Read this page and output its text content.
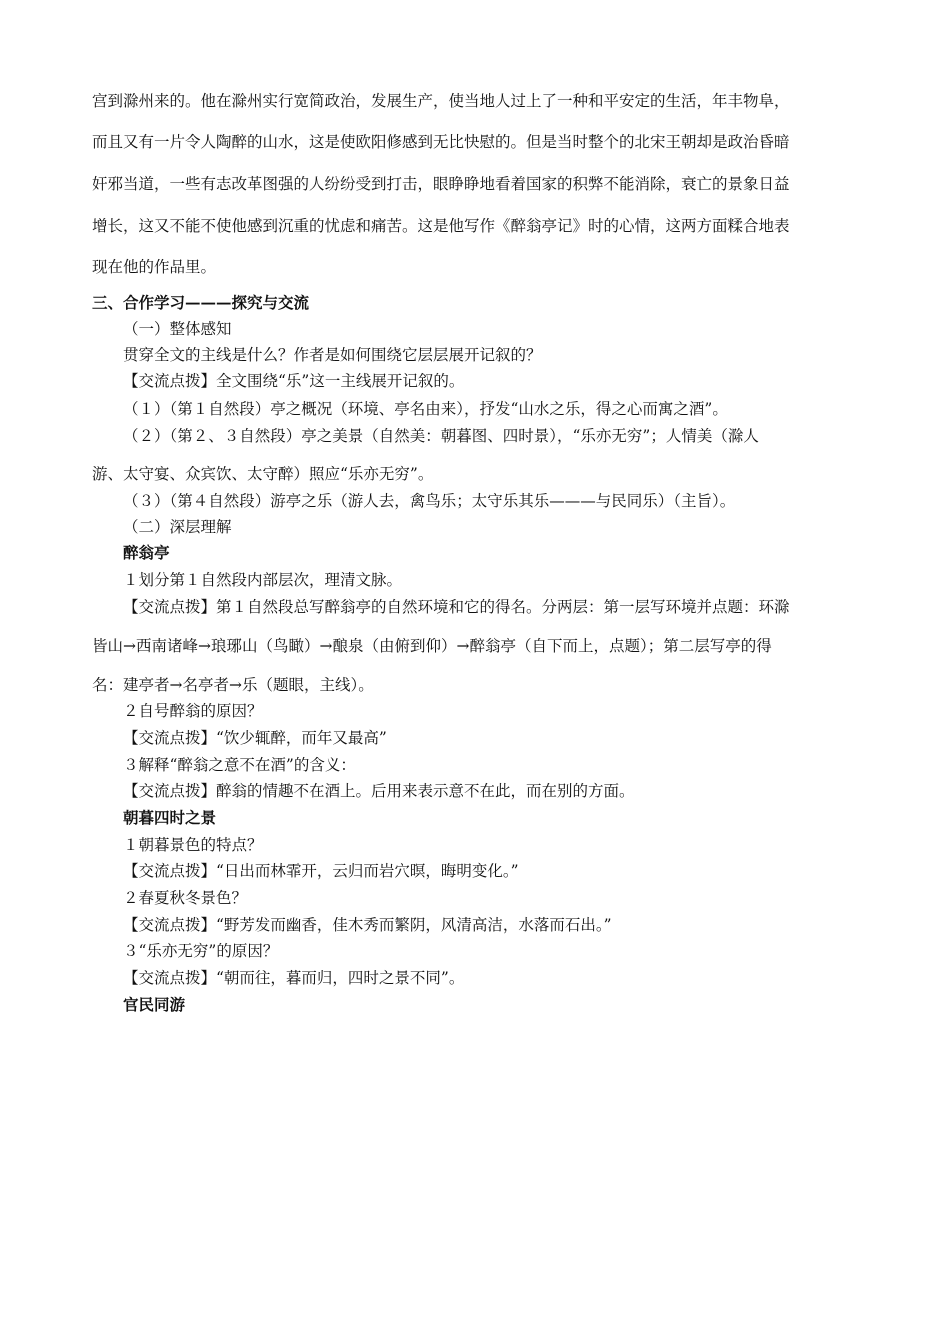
宫到滁州来的。他在滁州实行宽简政治，发展生产，使当地人过上了一种和平安定的生活，年丰物阜，
而且又有一片令人陶醉的山水，这是使欧阳修感到无比快慰的。但是当时整个的北宋王朝却是政治昏暗
奸邪当道，一些有志改革图强的人纷纷受到打击，眼睁睁地看着国家的积弊不能消除，衰亡的景象日益
增长，这又不能不使他感到沉重的忧虑和痛苦。这是他写作《醉翁亭记》时的心情，这两方面糅合地表
现在他的作品里。
三、合作学习———探究与交流
（一）整体感知
贯穿全文的主线是什么？作者是如何围绕它层层展开记叙的？
【交流点拨】全文围绕“乐”这一主线展开记叙的。
（１）（第１自然段）亭之概况（环境、亭名由来），抒发“山水之乐，得之心而寓之酒”。
（２）（第２、３自然段）亭之美景（自然美：朝暮图、四时景），“乐亦无穷”；人情美（滁人
游、太守宴、众宾饮、太守醉）照应“乐亦无穷”。
（３）（第４自然段）游亭之乐（游人去，禽鸟乐；太守乐其乐———与民同乐）（主旨）。
（二）深层理解
醉翁亭
１划分第１自然段内部层次，理清文脉。
【交流点拨】第１自然段总写醉翁亭的自然环境和它的得名。分两层：第一层写环境并点题：环滁
皆山→西南诸峰→琅琊山（鸟瞰）→酿泉（由俯到仰）→醉翁亭（自下而上，点题）；第二层写亭的得
名：建亭者→名亭者→乐（题眼，主线）。
２自号醉翁的原因？
【交流点拨】“饮少辄醉，而年又最高”
３解释“醉翁之意不在酒”的含义：
【交流点拨】醉翁的情趣不在酒上。后用来表示意不在此，而在别的方面。
朝暮四时之景
１朝暮景色的特点？
【交流点拨】“日出而林霏开，云归而岩穴暝，晦明变化。”
２春夏秋冬景色？
【交流点拨】“野芳发而幽香，佳木秀而繁阴，风清高洁，水落而石出。”
３“乐亦无穷”的原因？
【交流点拨】“朝而往，暮而归，四时之景不同”。
官民同游
